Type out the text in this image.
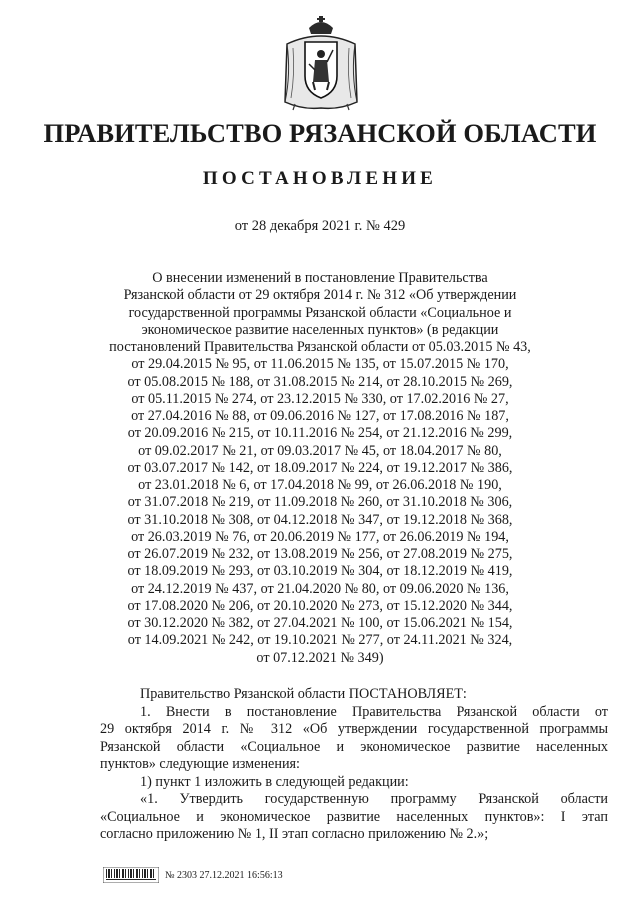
ПРАВИТЕЛЬСТВО РЯЗАНСКОЙ ОБЛАСТИ
ПОСТАНОВЛЕНИЕ
от 28 декабря 2021 г. № 429
О внесении изменений в постановление Правительства
Рязанской области от 29 октября 2014 г. № 312 «Об утверждении
государственной программы Рязанской области «Социальное и
экономическое развитие населенных пунктов» (в редакции
постановлений Правительства Рязанской области от 05.03.2015 № 43,
от 29.04.2015 № 95, от 11.06.2015 № 135, от 15.07.2015 № 170,
от 05.08.2015 № 188, от 31.08.2015 № 214, от 28.10.2015 № 269,
от 05.11.2015 № 274, от 23.12.2015 № 330, от 17.02.2016 № 27,
от 27.04.2016 № 88, от 09.06.2016 № 127, от 17.08.2016 № 187,
от 20.09.2016 № 215, от 10.11.2016 № 254, от 21.12.2016 № 299,
от 09.02.2017 № 21, от 09.03.2017 № 45, от 18.04.2017 № 80,
от 03.07.2017 № 142, от 18.09.2017 № 224, от 19.12.2017 № 386,
от 23.01.2018 № 6, от 17.04.2018 № 99, от 26.06.2018 № 190,
от 31.07.2018 № 219, от 11.09.2018 № 260, от 31.10.2018 № 306,
от 31.10.2018 № 308, от 04.12.2018 № 347, от 19.12.2018 № 368,
от 26.03.2019 № 76, от 20.06.2019 № 177, от 26.06.2019 № 194,
от 26.07.2019 № 232, от 13.08.2019 № 256, от 27.08.2019 № 275,
от 18.09.2019 № 293, от 03.10.2019 № 304, от 18.12.2019 № 419,
от 24.12.2019 № 437, от 21.04.2020 № 80, от 09.06.2020 № 136,
от 17.08.2020 № 206, от 20.10.2020 № 273, от 15.12.2020 № 344,
от 30.12.2020 № 382, от 27.04.2021 № 100, от 15.06.2021 № 154,
от 14.09.2021 № 242, от 19.10.2021 № 277, от 24.11.2021 № 324,
от 07.12.2021 № 349)
Правительство Рязанской области ПОСТАНОВЛЯЕТ:
1. Внести в постановление Правительства Рязанской области от
29 октября 2014 г. № 312 «Об утверждении государственной программы
Рязанской области «Социальное и экономическое развитие населенных
пунктов» следующие изменения:
1) пункт 1 изложить в следующей редакции:
«1. Утвердить государственную программу Рязанской области
«Социальное и экономическое развитие населенных пунктов»: I этап
согласно приложению № 1, II этап согласно приложению № 2.»;
№ 2303 27.12.2021 16:56:13
